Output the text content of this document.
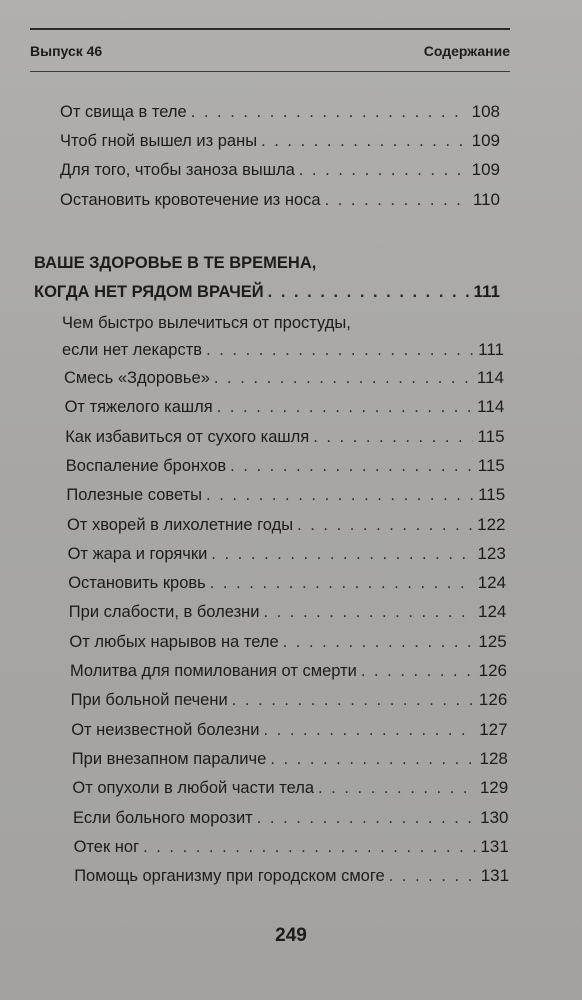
Выпуск 46	Содержание
От свища в теле . . .	108
Чтоб гной вышел из раны . . .	109
Для того, чтобы заноза вышла . . .	109
Остановить кровотечение из носа . . .	110
ВАШЕ ЗДОРОВЬЕ В ТЕ ВРЕМЕНА,
КОГДА НЕТ РЯДОМ ВРАЧЕЙ . . .	111
Чем быстро вылечиться от простуды,
если нет лекарств . . .	111
Смесь «Здоровье» . . .	114
От тяжелого кашля . . .	114
Как избавиться от сухого кашля . . .	115
Воспаление бронхов . . .	115
Полезные советы . . .	115
От хворей в лихолетние годы . . .	122
От жара и горячки . . .	123
Остановить кровь . . .	124
При слабости, в болезни . . .	124
От любых нарывов на теле . . .	125
Молитва для помилования от смерти . . .	126
При больной печени . . .	126
От неизвестной болезни . . .	127
При внезапном параличе . . .	128
От опухоли в любой части тела . . .	129
Если больного морозит . . .	130
Отек ног . . .	131
Помощь организму при городском смоге . . .	131
249
